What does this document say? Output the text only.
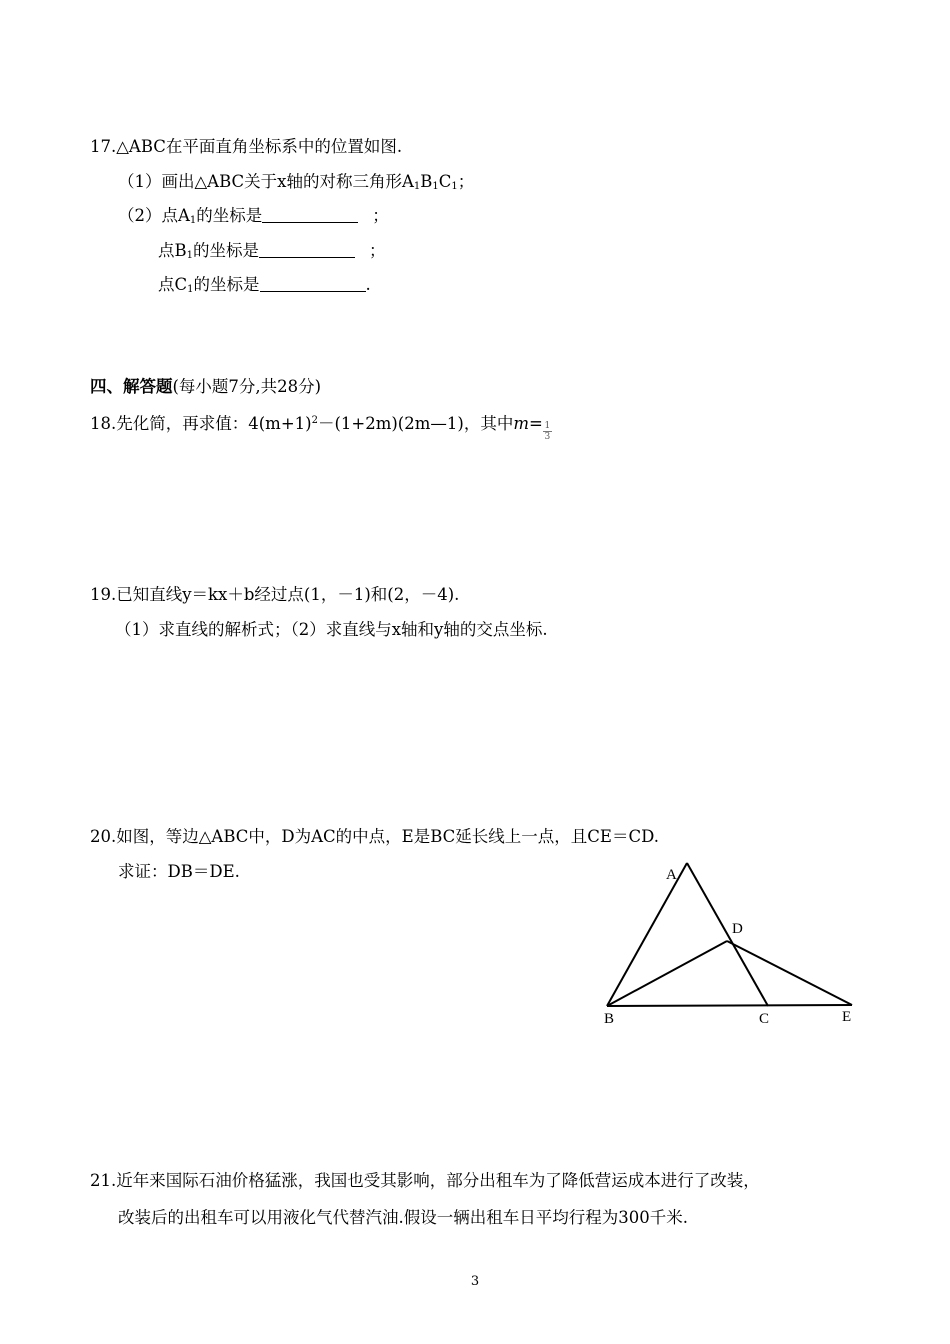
17.△ABC在平面直角坐标系中的位置如图.
（1）画出△ABC关于x轴的对称三角形$A_1B_1C_1$；
（2）点$A_1$的坐标是	；
点$B_1$的坐标是	；
点$C_1$的坐标是	.
四、解答题(每小题7分,共28分)
18.先化简，再求值：$4(m+1)^2-(1+2m)(2m—1)$，其中$m= \frac{1}{3}$
19.已知直线y＝kx＋b经过点(1，－1)和(2，－4).
（1）求直线的解析式；（2）求直线与x轴和y轴的交点坐标.
20.如图，等边△ABC中，D为AC的中点，E是BC延长线上一点，且CE＝CD.
求证：DB＝DE.	A
D
B	C	E
21.近年来国际石油价格猛涨，我国也受其影响，部分出租车为了降低营运成本进行了改装，
改装后的出租车可以用液化气代替汽油.假设一辆出租车日平均行程为300千米.
3
